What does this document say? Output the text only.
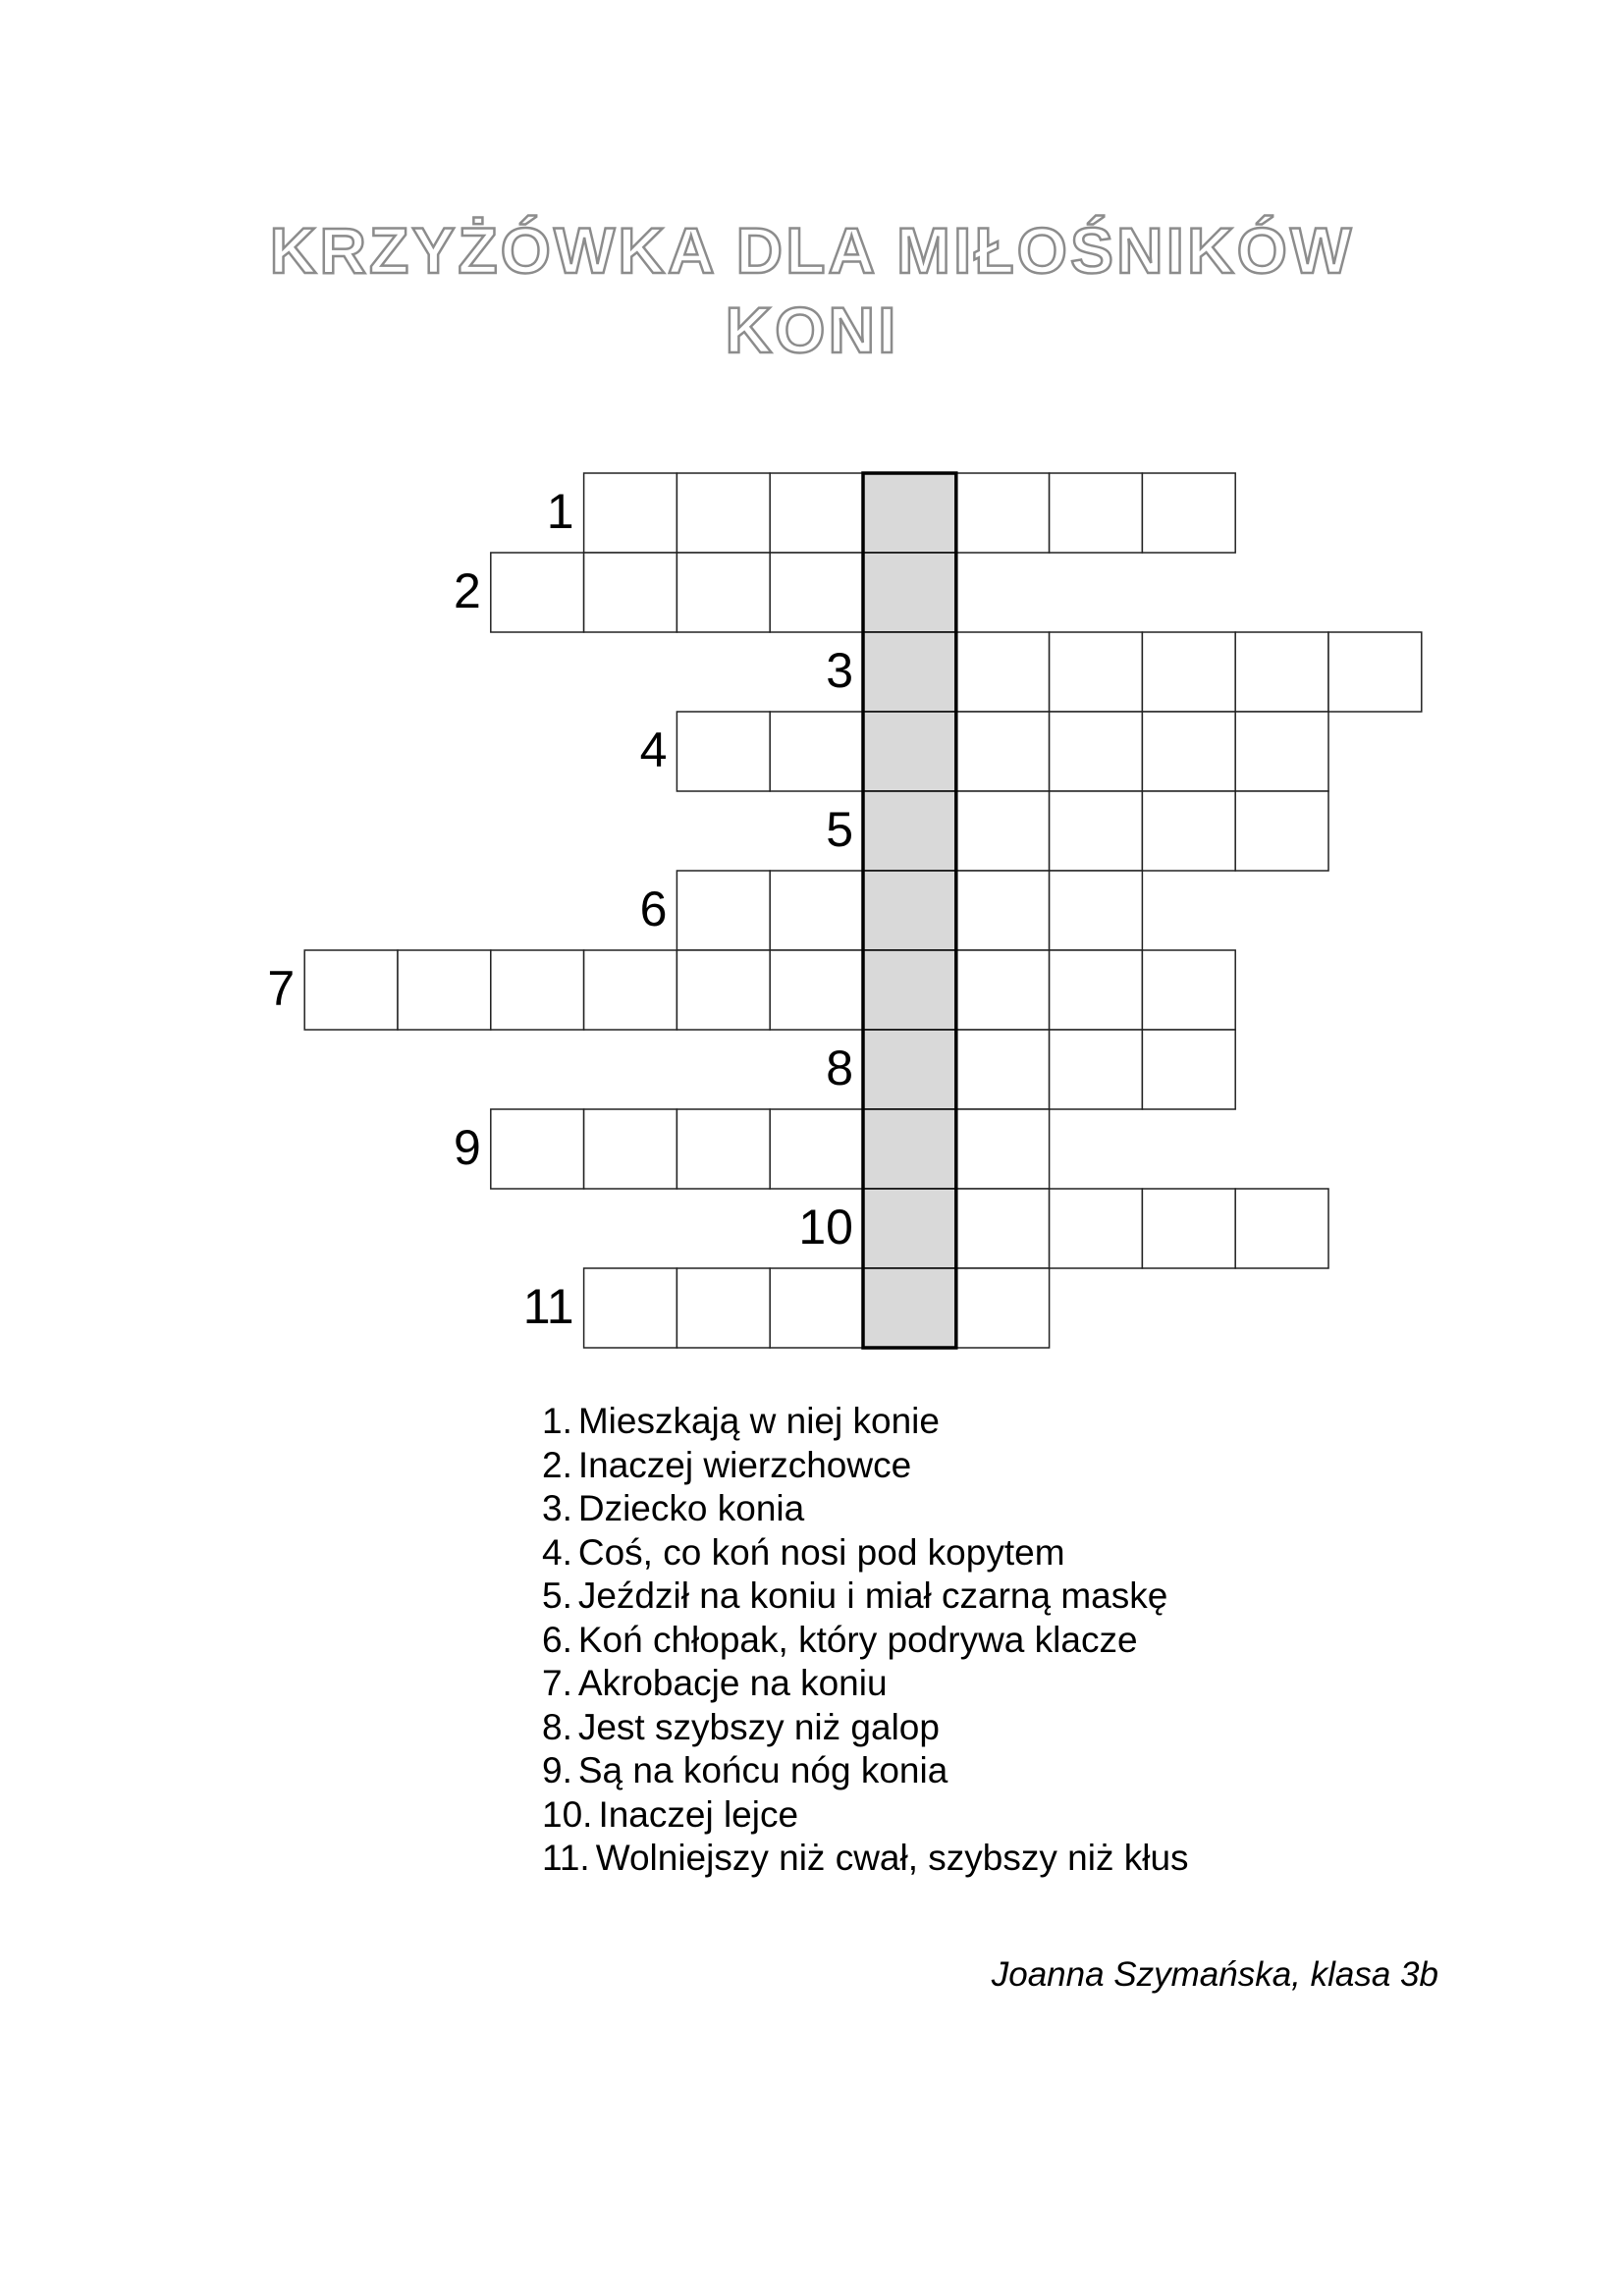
KRZYŻÓWKA DLA MIŁOŚNIKÓW
KONI
1
2
3
4
5
6
7
8
9
10
11
1. Mieszkają w niej konie
2. Inaczej wierzchowce
3. Dziecko konia
4. Coś, co koń nosi pod kopytem
5. Jeździł na koniu i miał czarną maskę
6. Koń chłopak, który podrywa klacze
7. Akrobacje na koniu
8. Jest szybszy niż galop
9. Są na końcu nóg konia
10. Inaczej lejce
11. Wolniejszy niż cwał, szybszy niż kłus
Joanna Szymańska, klasa 3b
